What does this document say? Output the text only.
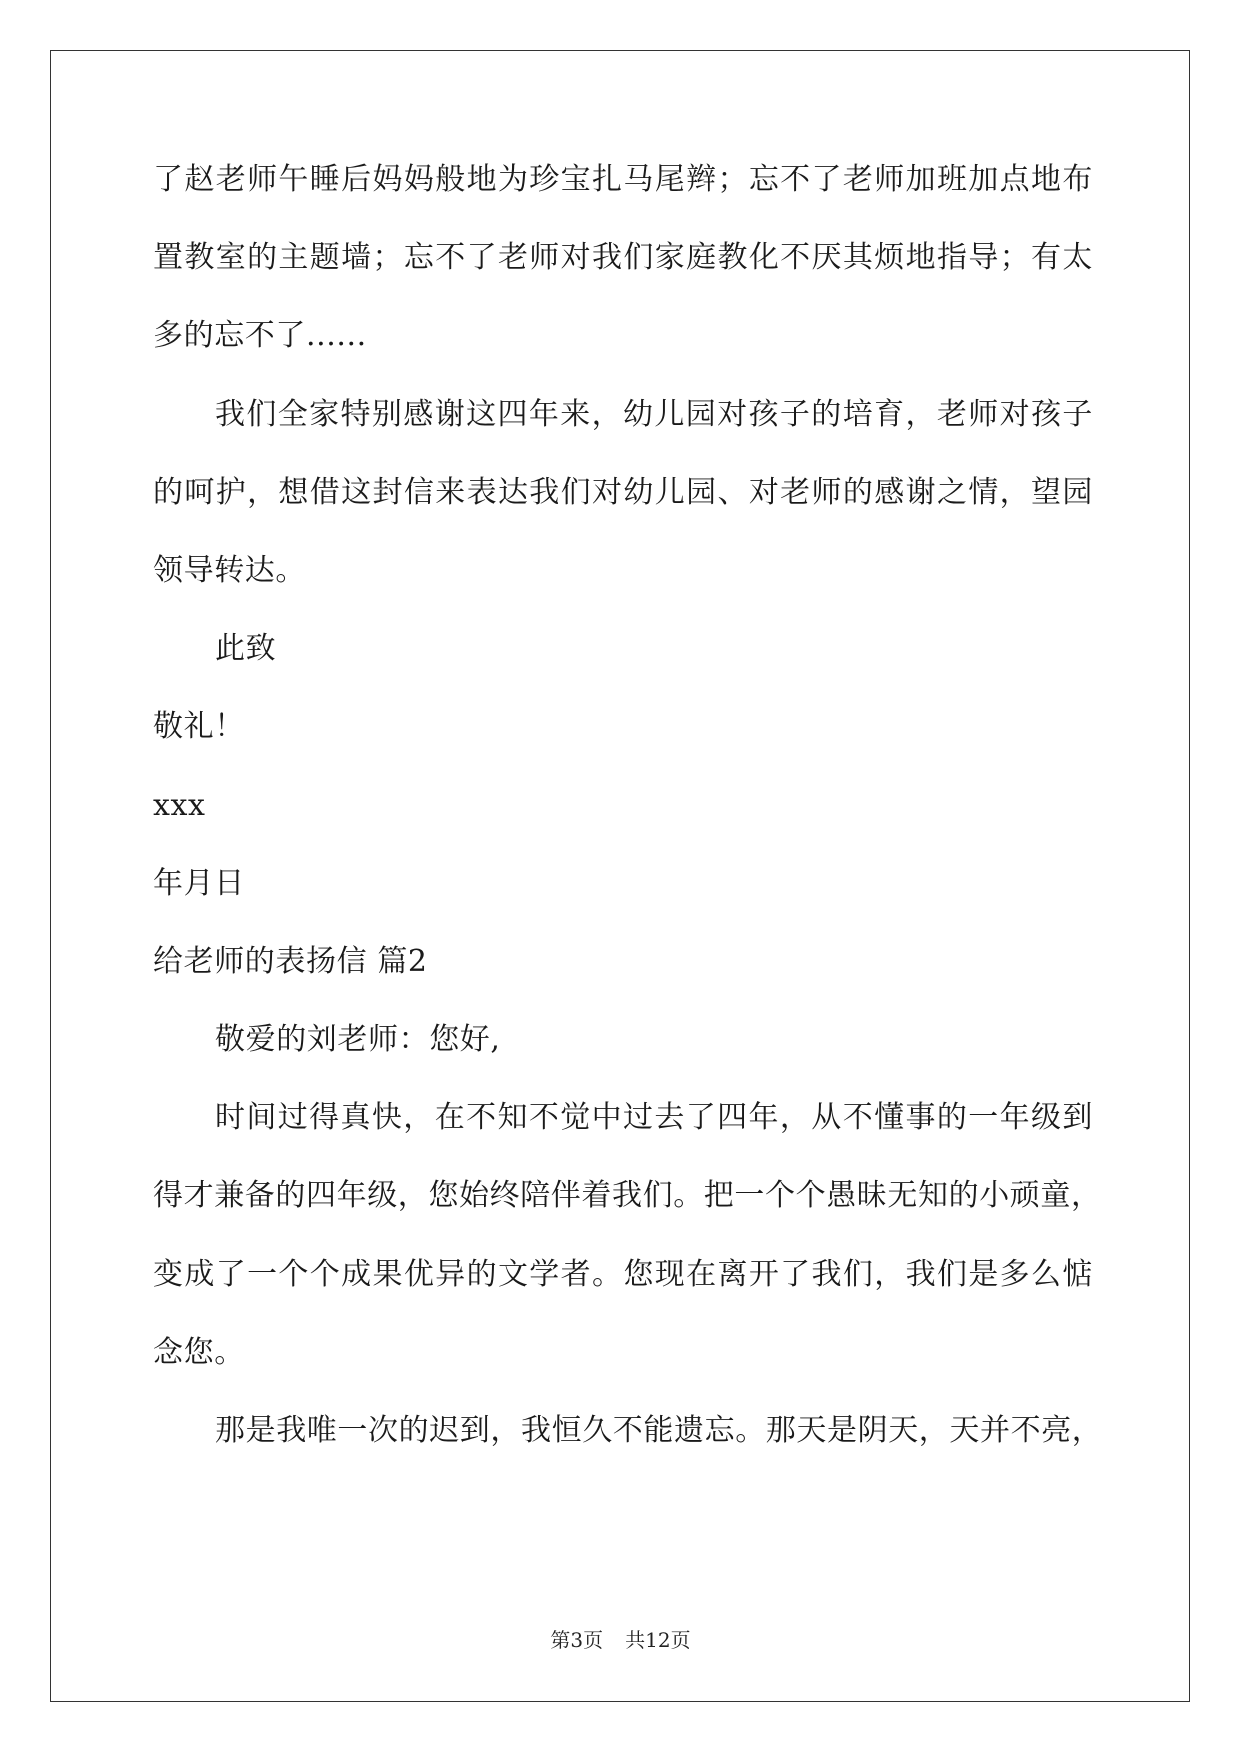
了赵老师午睡后妈妈般地为珍宝扎马尾辫；忘不了老师加班加点地布
置教室的主题墙；忘不了老师对我们家庭教化不厌其烦地指导；有太
多的忘不了......
我们全家特别感谢这四年来，幼儿园对孩子的培育，老师对孩子
的呵护，想借这封信来表达我们对幼儿园、对老师的感谢之情，望园
领导转达。
此致
敬礼！
xxx
年月日
给老师的表扬信 篇2
敬爱的刘老师：您好,
时间过得真快，在不知不觉中过去了四年，从不懂事的一年级到
得才兼备的四年级，您始终陪伴着我们。把一个个愚昧无知的小顽童，
变成了一个个成果优异的文学者。您现在离开了我们，我们是多么惦
念您。
那是我唯一次的迟到，我恒久不能遗忘。那天是阴天，天并不亮，
第3页 共12页
